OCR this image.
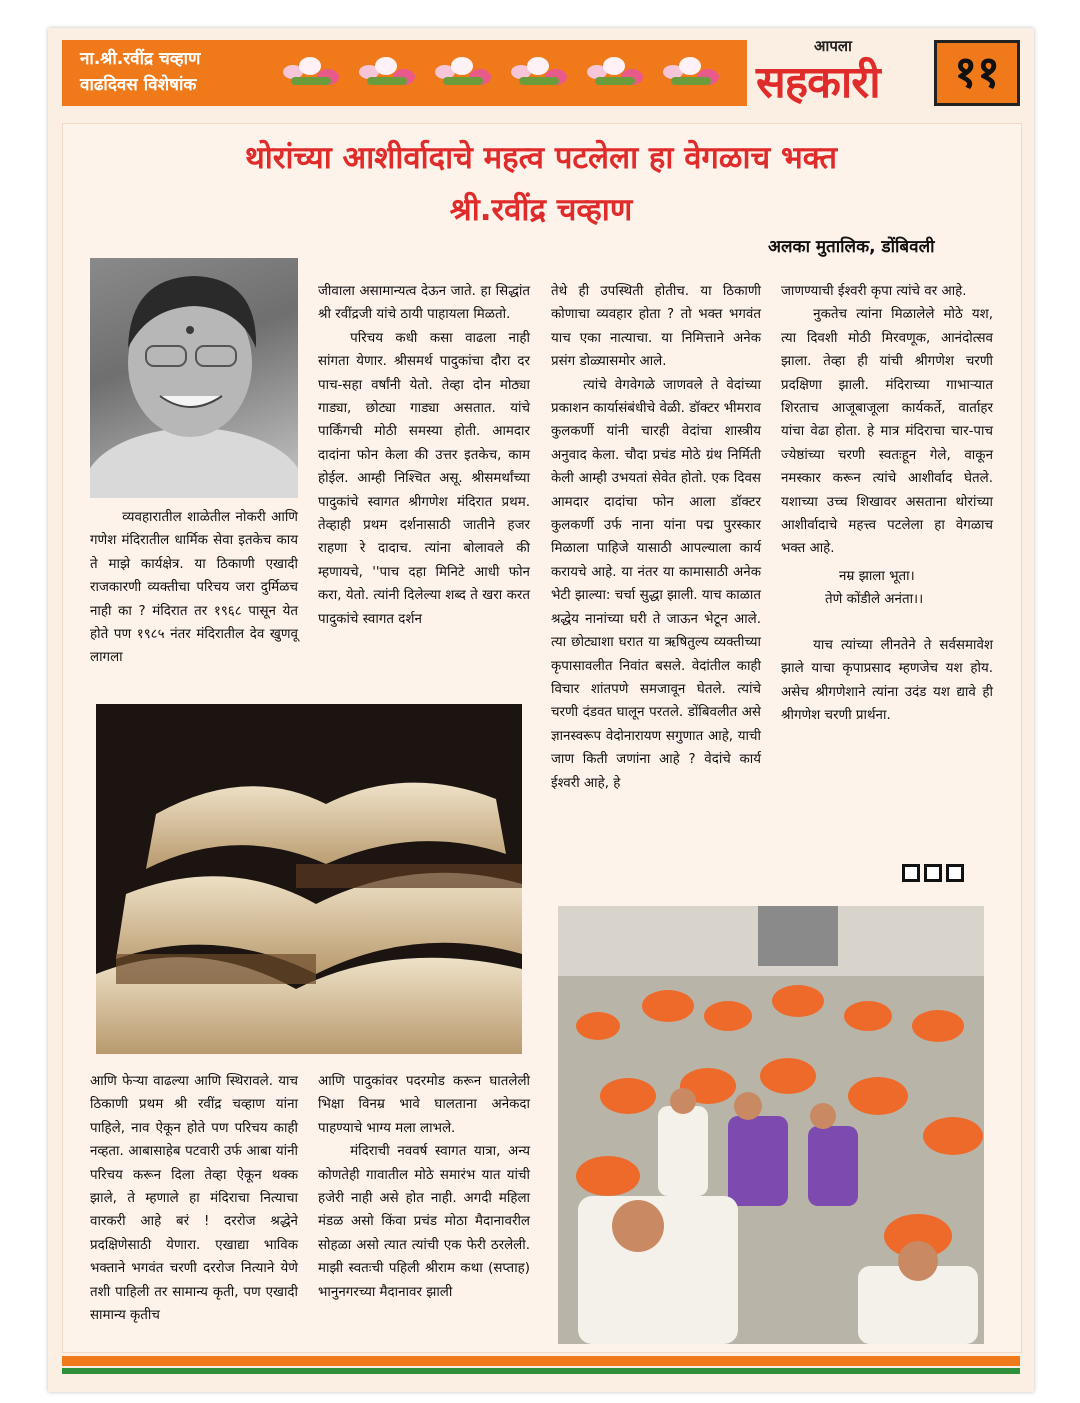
ना.श्री.रवींद्र चव्हाण
वाढदिवस विशेषांक
आपला
सहकारी	११
थोरांच्या आशीर्वादाचे महत्व पटलेला हा वेगळाच भक्त
श्री.रवींद्र चव्हाण
अलका मुतालिक, डोंबिवली

व्यवहारातील शाळेतील नोकरी आणि गणेश मंदिरातील धार्मिक सेवा इतकेच काय ते माझे कार्यक्षेत्र. या ठिकाणी एखादी राजकारणी व्यक्तीचा परिचय जरा दुर्मिळच नाही का ? मंदिरात तर १९६८ पासून येत होते पण १९८५ नंतर मंदिरातील देव खुणवू लागला

जीवाला असामान्यत्व देऊन जाते. हा सिद्धांत श्री रवींद्रजी यांचे ठायी पाहायला मिळतो.

परिचय कधी कसा वाढला नाही सांगता येणार. श्रीसमर्थ पादुकांचा दौरा दर पाच-सहा वर्षांनी येतो. तेव्हा दोन मोठ्या गाड्या, छोट्या गाड्या असतात. यांचे पार्किंगची मोठी समस्या होती. आमदार दादांना फोन केला की उत्तर इतकेच, काम होईल. आम्ही निश्चित असू. श्रीसमर्थांच्या पादुकांचे स्वागत श्रीगणेश मंदिरात प्रथम. तेव्हाही प्रथम दर्शनासाठी जातीने हजर राहणा रे दादाच. त्यांना बोलावले की म्हणायचे, ''पाच दहा मिनिटे आधी फोन करा, येतो. त्यांनी दिलेल्या शब्द ते खरा करत पादुकांचे स्वागत दर्शन

तेथे ही उपस्थिती होतीच. या ठिकाणी कोणाचा व्यवहार होता ? तो भक्त भगवंत याच एका नात्याचा. या निमित्ताने अनेक प्रसंग डोळ्यासमोर आले.

त्यांचे वेगवेगळे जाणवले ते वेदांच्या प्रकाशन कार्यासंबंधीचे वेळी. डॉक्टर भीमराव कुलकर्णी यांनी चारही वेदांचा शास्त्रीय अनुवाद केला. चौदा प्रचंड मोठे ग्रंथ निर्मिती केली आम्ही उभयतां सेवेत होतो. एक दिवस आमदार दादांचा फोन आला डॉक्टर कुलकर्णी उर्फ नाना यांना पद्म पुरस्कार मिळाला पाहिजे यासाठी आपल्याला कार्य करायचे आहे. या नंतर या कामासाठी अनेक भेटी झाल्या: चर्चा सुद्धा झाली. याच काळात श्रद्धेय नानांच्या घरी ते जाऊन भेटून आले. त्या छोट्याशा घरात या ऋषितुल्य व्यक्तीच्या कृपासावलीत निवांत बसले. वेदांतील काही विचार शांतपणे समजावून घेतले. त्यांचे चरणी दंडवत घालून परतले. डोंबिवलीत असे ज्ञानस्वरूप वेदोनारायण सगुणात आहे, याची जाण किती जणांना आहे ? वेदांचे कार्य ईश्वरी आहे, हे

जाणण्याची ईश्वरी कृपा त्यांचे वर आहे.

नुकतेच त्यांना मिळालेले मोठे यश, त्या दिवशी मोठी मिरवणूक, आनंदोत्सव झाला. तेव्हा ही यांची श्रीगणेश चरणी प्रदक्षिणा झाली. मंदिराच्या गाभाऱ्यात शिरताच आजूबाजूला कार्यकर्ते, वार्ताहर यांचा वेढा होता. हे मात्र मंदिराचा चार-पाच ज्येष्ठांच्या चरणी स्वतःहून गेले, वाकून नमस्कार करून त्यांचे आशीर्वाद घेतले. यशाच्या उच्च शिखावर असताना थोरांच्या आशीर्वादाचे महत्त्व पटलेला हा वेगळाच भक्त आहे.

नम्र झाला भूता।

तेणे कोंडीले अनंता।।

याच त्यांच्या लीनतेने ते सर्वसमावेश झाले याचा कृपाप्रसाद म्हणजेच यश होय. असेच श्रीगणेशाने त्यांना उदंड यश द्यावे ही श्रीगणेश चरणी प्रार्थना.

आणि फेऱ्या वाढल्या आणि स्थिरावले. याच ठिकाणी प्रथम श्री रवींद्र चव्हाण यांना पाहिले, नाव ऐकून होते पण परिचय काही नव्हता. आबासाहेब पटवारी उर्फ आबा यांनी परिचय करून दिला तेव्हा ऐकून थक्क झाले, ते म्हणाले हा मंदिराचा नित्याचा वारकरी आहे बरं ! दररोज श्रद्धेने प्रदक्षिणेसाठी येणारा. एखाद्या भाविक भक्ताने भगवंत चरणी दररोज नित्याने येणे तशी पाहिली तर सामान्य कृती, पण एखादी सामान्य कृतीच

आणि पादुकांवर पदरमोड करून घातलेली भिक्षा विनम्र भावे घालताना अनेकदा पाहण्याचे भाग्य मला लाभले.

मंदिराची नववर्ष स्वागत यात्रा, अन्य कोणतेही गावातील मोठे समारंभ यात यांची हजेरी नाही असे होत नाही. अगदी महिला मंडळ असो किंवा प्रचंड मोठा मैदानावरील सोहळा असो त्यात त्यांची एक फेरी ठरलेली. माझी स्वतःची पहिली श्रीराम कथा (सप्ताह) भानुनगरच्या मैदानावर झाली
